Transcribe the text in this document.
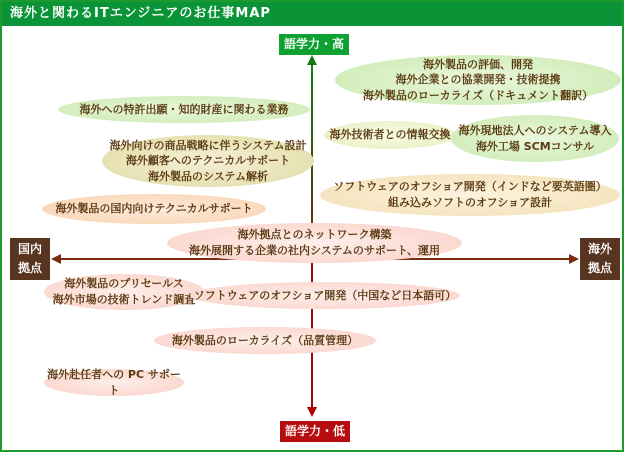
海外と関わるITエンジニアのお仕事MAP
語学力・高
語学力・低
国内
拠点
海外
拠点
海外への特許出願・知的財産に関わる業務
海外製品の評価、開発
海外企業との協業開発・技術提携
海外製品のローカライズ（ドキュメント翻訳）
海外技術者との情報交換 海外現地法人へのシステム導入
海外工場 SCMコンサル
海外向けの商品戦略に伴うシステム設計
海外顧客へのテクニカルサポート
海外製品のシステム解析
ソフトウェアのオフショア開発（インドなど要英語圏）
組み込みソフトのオフショア設計
海外製品の国内向けテクニカルサポート
海外拠点とのネットワーク構築
海外展開する企業の社内システムのサポート、運用
海外製品のプリセールス
海外市場の技術トレンド調査
ソフトウェアのオフショア開発（中国など日本語可）
海外製品のローカライズ（品質管理）
海外赴任者への PC サポート
